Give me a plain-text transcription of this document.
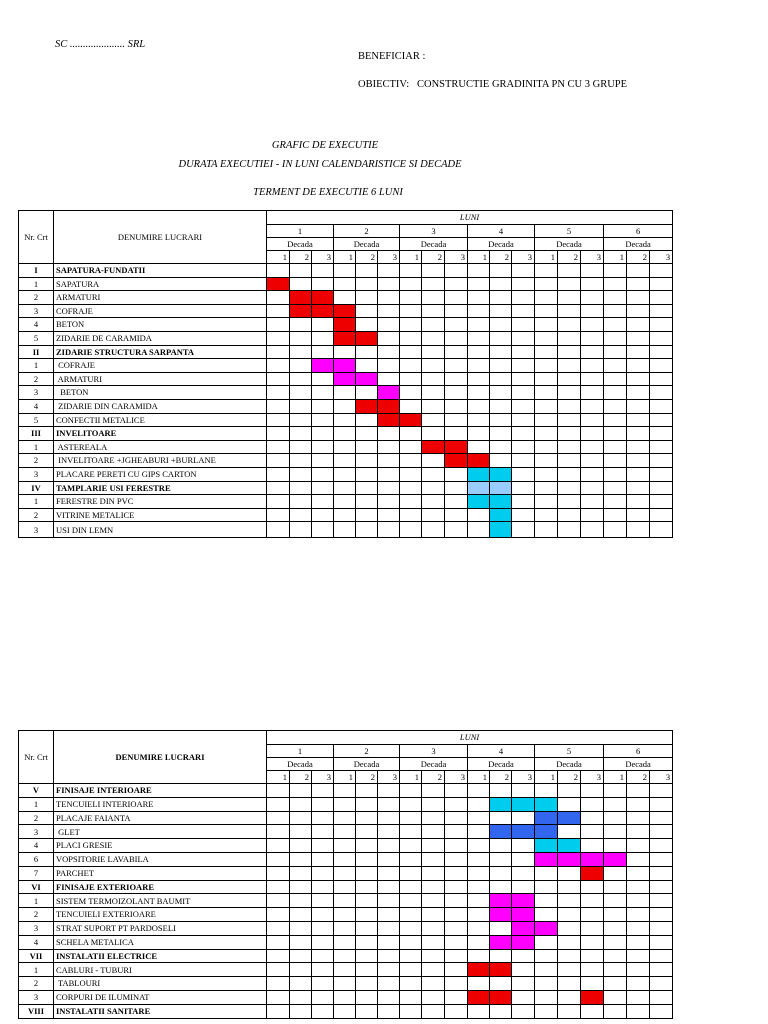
SC ..................... SRL
BENEFICIAR :
OBIECTIV:   CONSTRUCTIE GRADINITA PN CU 3 GRUPE
GRAFIC DE EXECUTIE
DURATA EXECUTIEI - IN LUNI CALENDARISTICE SI DECADE
TERMENT DE EXECUTIE 6 LUNI
Nr. Crt	DENUMIRE LUCRARI	LUNI																	
		1			2			3			4			5			6		
		Decada			Decada			Decada			Decada			Decada			Decada		
		1	2	3	1	2	3	1	2	3	1	2	3	1	2	3	1	2	3
I	SAPATURA-FUNDATII																		
1	SAPATURA																		
2	ARMATURI																		
3	COFRAJE																		
4	BETON																		
5	ZIDARIE DE CARAMIDA																		
II	ZIDARIE STRUCTURA SARPANTA																		
1	COFRAJE																		
2	ARMATURI																		
3	BETON																		
4	ZIDARIE DIN CARAMIDA																		
5	CONFECTII METALICE																		
III	INVELITOARE																		
1	ASTEREALA																		
2	INVELITOARE +JGHEABURI +BURLANE																		
3	PLACARE PERETI CU GIPS CARTON																		
IV	TAMPLARIE USI FERESTRE																		
1	FERESTRE DIN PVC																		
2	VITRINE METALICE																		
3	USI DIN LEMN																		
Nr. Crt	DENUMIRE LUCRARI	LUNI																	
		1			2			3			4			5			6		
		Decada			Decada			Decada			Decada			Decada			Decada		
		1	2	3	1	2	3	1	2	3	1	2	3	1	2	3	1	2	3
V	FINISAJE INTERIOARE																		
1	TENCUIELI INTERIOARE																		
2	PLACAJE FAIANTA																		
3	GLET																		
4	PLACI GRESIE																		
6	VOPSITORIE LAVABILA																		
7	PARCHET																		
VI	FINISAJE EXTERIOARE																		
1	SISTEM TERMOIZOLANT BAUMIT																		
2	TENCUIELI EXTERIOARE																		
3	STRAT SUPORT PT PARDOSELI																		
4	SCHELA METALICA																		
VII	INSTALATII ELECTRICE																		
1	CABLURI - TUBURI																		
2	TABLOURI																		
3	CORPURI DE ILUMINAT																		
VIII	INSTALATII SANITARE																		
